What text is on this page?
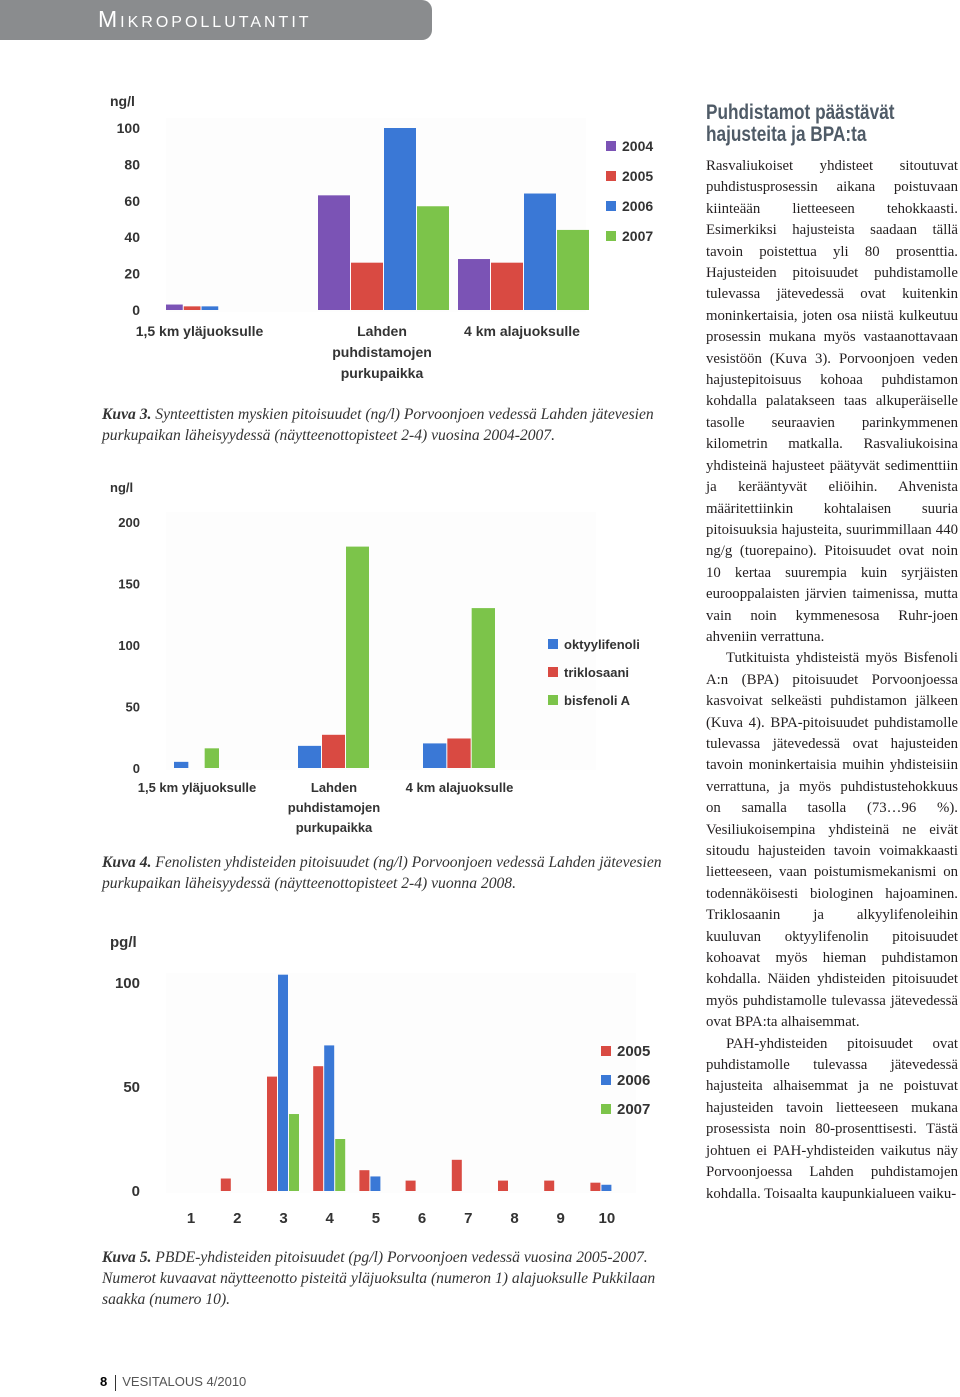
Mikropollutantit
ng/l
0
20
40
60
80
100
1,5 km yläjuoksulle	Lahden
puhdistamojen
purkupaikka
4 km alajuoksulle
2004
2005
2006
2007
Kuva 3. Synteettisten myskien pitoisuudet (ng/l) Porvoonjoen vedessä Lahden jätevesien purkupaikan läheisyydessä (näytteenottopisteet 2-4) vuosina 2004-2007.
ng/l
0
50
100
150
200
1,5 km yläjuoksulle	Lahden
puhdistamojen
purkupaikka
4 km alajuoksulle
oktyylifenoli
triklosaani
bisfenoli A
Kuva 4. Fenolisten yhdisteiden pitoisuudet (ng/l) Porvoonjoen vedessä Lahden jätevesien purkupaikan läheisyydessä (näytteenottopisteet 2-4) vuonna 2008.
pg/l
0
50
100
1	2	3	4	5	6	7	8	9 10
2005
2006
2007
Kuva 5. PBDE-yhdisteiden pitoisuudet (pg/l) Porvoonjoen vedessä vuosina 2005-2007. Numerot kuvaavat näytteenotto pisteitä yläjuoksulta (numeron 1) alajuoksulle Pukkilaan saakka (numero 10).
Puhdistamot päästävät hajusteita ja BPA:ta

Rasvaliukoiset yhdisteet sitoutuvat puhdistusprosessin aikana poistuvaan kiinteään lietteeseen tehokkaasti. Esimerkiksi hajusteista saadaan tällä tavoin poistettua yli 80 prosenttia. Hajusteiden pitoisuudet puhdistamolle tulevassa jätevedessä ovat kuitenkin moninkertaisia, joten osa niistä kulkeutuu prosessin mukana myös vastaanottavaan vesistöön (Kuva 3). Porvoonjoen veden hajustepitoisuus kohoaa puhdistamon kohdalla palatakseen taas alkuperäiselle tasolle seuraavien parinkymmenen kilometrin matkalla. Rasvaliukoisina yhdisteinä hajusteet päätyvät sedimenttiin ja kerääntyvät eliöihin. Ahvenista määritettiinkin kohtalaisen suuria pitoisuuksia hajusteita, suurimmillaan 440 ng/g (tuorepaino). Pitoisuudet ovat noin 10 kertaa suurempia kuin syrjäisten eurooppalaisten järvien taimenissa, mutta vain noin kymmenesosa Ruhr-joen ahveniin verrattuna.

Tutkituista yhdisteistä myös Bisfenoli A:n (BPA) pitoisuudet Porvoonjoessa kasvoivat selkeästi puhdistamon jälkeen (Kuva 4). BPA-pitoisuudet puhdistamolle tulevassa jätevedessä ovat hajusteiden tavoin moninkertaisia muihin yhdisteisiin verrattuna, ja myös puhdistustehokkuus on samalla tasolla (73…96 %). Vesiliukoisempina yhdisteinä ne eivät sitoudu hajusteiden tavoin voimakkaasti lietteeseen, vaan poistumismekanismi on todennäköisesti biologinen hajoaminen. Triklosaanin ja alkyylifenoleihin kuuluvan oktyylifenolin pitoisuudet kohoavat myös hieman puhdistamon kohdalla. Näiden yhdisteiden pitoisuudet myös puhdistamolle tulevassa jätevedessä ovat BPA:ta alhaisemmat.

PAH-yhdisteiden pitoisuudet ovat puhdistamolle tulevassa jätevedessä hajusteita alhaisemmat ja ne poistuvat hajusteiden tavoin lietteeseen mukana prosessista noin 80-prosenttisesti. Tästä johtuen ei PAH-yhdisteiden vaikutus näy Porvoonjoessa Lahden puhdistamojen kohdalla. Toisaalta kaupunkialueen vaiku-

8 VESITALOUS 4/2010
